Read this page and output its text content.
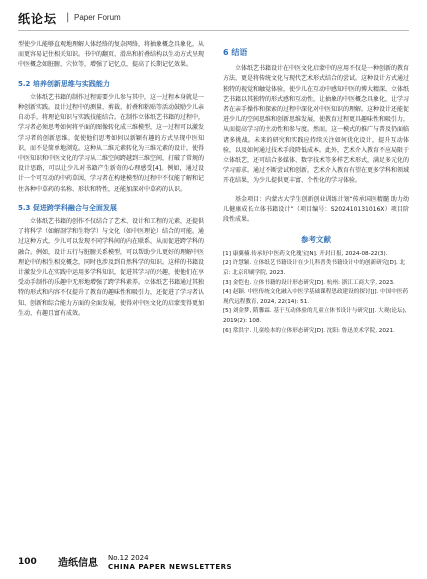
纸论坛 | Paper Forum

型使少儿能够直观地理解人体经络的复杂网络，将抽象概念具象化，从而更容易记住相关知识。书中的翻页、滑出和折叠结构以生动方式呈现中医概念如脏腑、穴位等，增强了记忆点，提高了长期记忆效果。

5.2 培养创新思维与实践能力

立体纸艺书籍的制作过程需要少儿参与其中，这一过程本身就是一种创新实践。设计过程中的测量、剪裁、折叠和粘贴等活动鼓励少儿亲自动手，将理论知识与实践技能结合。在制作立体纸艺书籍的过程中，学习者必须思考如何将平面的图像转化成三维模型，这一过程可以激发学习者的创新思维。促使他们思考如何以新颖有趣的方式呈现中医知识，而不是简单地浏览。这种从二维元素转化为三维元素的设计，使得中医知识和中医文化的学习从二维空间跨越到三维空间，打破了常规的设计思路，可以让少儿对书籍产生新奇的心理感受[4]。例如，通过设计一个可互动的中药草図，学习者在构建模型的过程中不仅能了解和记住各种中草药的名称、形状和特性，还能加深对中草药的认识。

5.3 促进跨学科融合与全面发展

立体纸艺书籍的创作不仅结合了艺术、设计和工程的元素，还提供了将科学（如解剖学和生物学）与文化（如中医理论）结合的可能。通过这种方式，少儿可以发现不同学科间的内在联系，从而促进跨学科的融合。例如，设计五行与脏腑关系模型，可以帮助少儿更好的理解中医理论中的相生相克概念，同时也涉及到自然科学的知识。这样的书籍设计激发少儿在实践中运用多学科知识，促进其学习的兴趣，使他们在享受动手制作的乐趣中无形地增强了跨学科素养。立体纸艺书籍通过其独特的形式和内容不仅提升了教育的趣味性和吸引力，还促进了学习者认知、创新和综合能力方面的全面发展，使得对中医文化的启蒙变得更加生动、有趣且富有成效。

6 结语

立体纸艺书籍设计在中医文化启蒙中的应用不仅是一种创新的教育方法，更是将传统文化与现代艺术形式结合的尝试。这种设计方式通过独特的视觉和触觉体验，使少儿在互动中感知中医的博大精深。立体纸艺书籍以其独特的形式感和互动性，让抽象的中医概念具象化，让学习者在亲手操作和探索的过程中深化对中医知识的理解。这种设计还能促进少儿的空间思维和创新思维发展，使教育过程更具趣味性和吸引力，从而提高学习的主动性和参与度。然而，这一模式的推广与普及仍面临诸多挑战。未来的研究和实践应持续关注如何优化设计，提升互动体验，以及如何通过技术手段降低成本。此外，艺术介入教育不应局限于立体纸艺，还可结合多媒体、数字技术等多样艺术形式，满足多元化的学习需求。通过不断尝试和创新，艺术介入教育有望在更多学科和领域开花结果，为少儿提供更丰富、个性化的学习体验。

基金项目：内蒙古大学生创新创业训练计划“传承国医精髓 助力幼儿健康成长立体书籍设计”（项目编号：S202410131016X）项目阶段性成果。
参考文献
[1] 康翼楠.传承好中医药文化瑰宝[N]. 开封日报, 2024-08-22(3).
[2] 许慧颖. 立体纸艺书籍设计在少儿科普类书籍设计中的创新研究[D]. 北京: 北京印刷学院, 2023.
[3] 金恺也. 立体书籍的设计形态研究[D]. 杭州: 浙江工商大学, 2023.
[4] 赵颖. 中医传统文化融入中医学基础课程思政建设的探讨[J]. 中国中医药现代远程教育, 2024, 22(14): 51.
[5] 刘金梦, 隋馨霖. 基于互动体验的儿童立体书设计与研究[J]. 大观(论坛), 2019(2): 108.
[6] 常洪宇. 儿童绘本的立体形态研究[D]. 沈阳: 鲁迅美术学院, 2021.
100 造纸信息 No.12 2024
CHINA PAPER NEWSLETTERS
